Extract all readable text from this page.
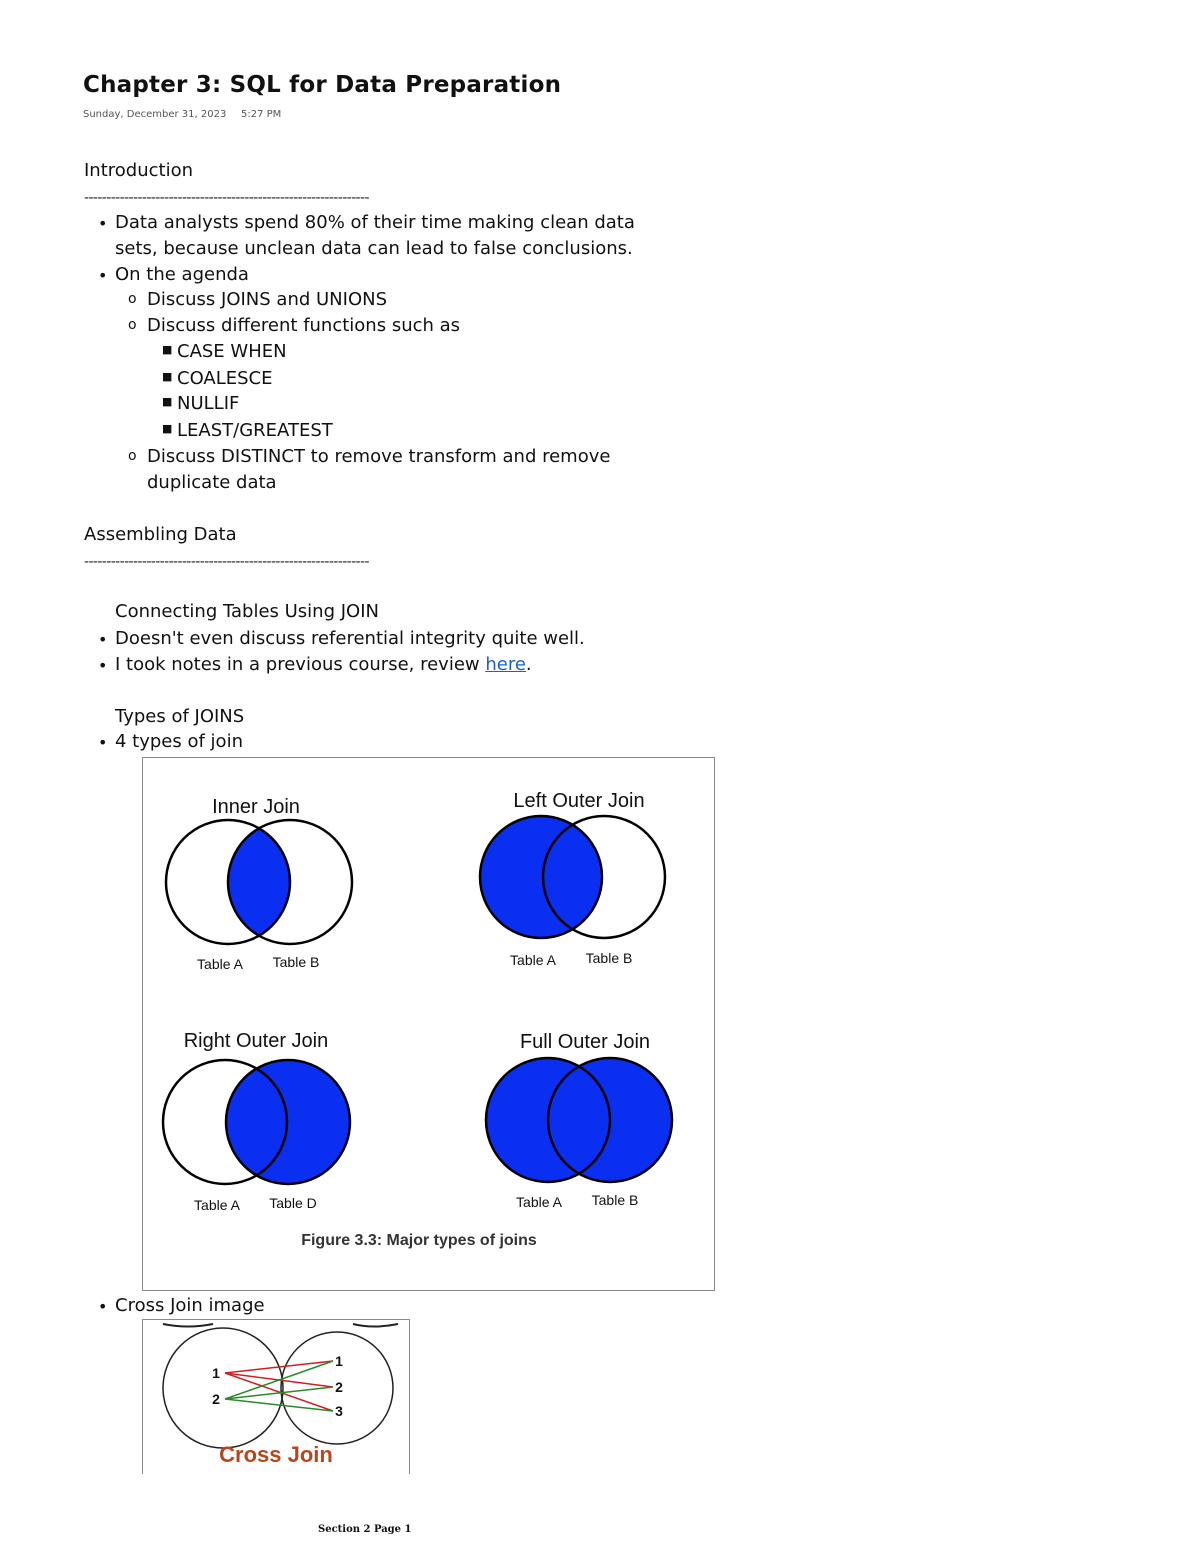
Chapter 3: SQL for Data Preparation
Sunday, December 31, 2023 5:27 PM
Introduction
----------------------------------------------------------------
• Data analysts spend 80% of their time making clean data
sets, because unclean data can lead to false conclusions.
• On the agenda
o Discuss JOINS and UNIONS
o Discuss different functions such as
■ CASE WHEN
■ COALESCE
■ NULLIF
■ LEAST/GREATEST
o Discuss DISTINCT to remove transform and remove
duplicate data
Assembling Data
----------------------------------------------------------------
Connecting Tables Using JOIN
• Doesn't even discuss referential integrity quite well.
• I took notes in a previous course, review here.
Types of JOINS
• 4 types of join
Inner Join
Table A Table B
Left Outer Join
Table A Table B
Right Outer Join
Table A Table D
Full Outer Join
Table A Table B
Figure 3.3: Major types of joins
• Cross Join image
1
2
1
2
3
Cross Join
Section 2 Page 1
